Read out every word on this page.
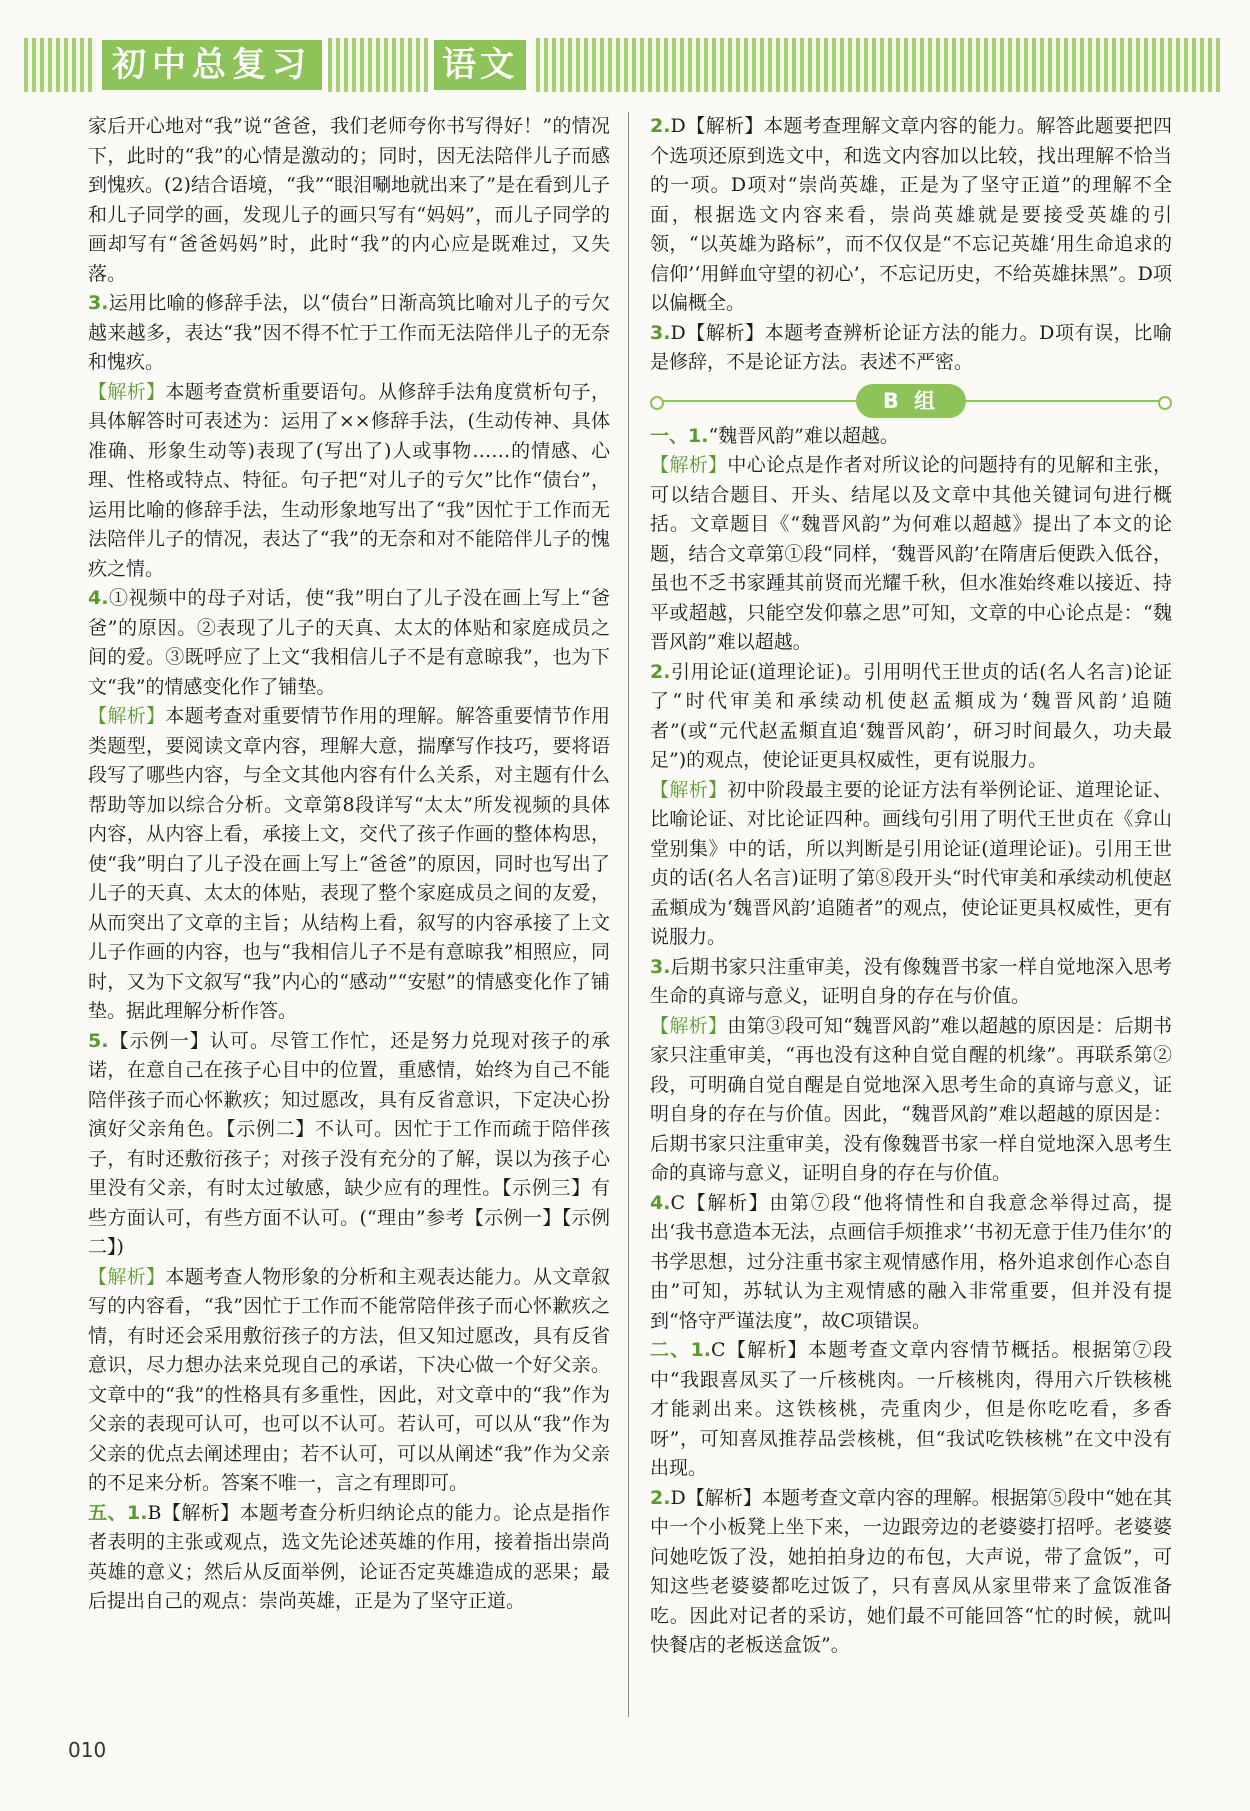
初中总复习	语文

家后开心地对“我”说“爸爸，我们老师夸你书写得好！”的情况下，此时的“我”的心情是激动的；同时，因无法陪伴儿子而感到愧疚。(2)结合语境，“我”“眼泪唰地就出来了”是在看到儿子和儿子同学的画，发现儿子的画只写有“妈妈”，而儿子同学的画却写有“爸爸妈妈”时，此时“我”的内心应是既难过，又失落。

3.运用比喻的修辞手法，以“债台”日渐高筑比喻对儿子的亏欠越来越多，表达“我”因不得不忙于工作而无法陪伴儿子的无奈和愧疚。

【解析】本题考查赏析重要语句。从修辞手法角度赏析句子，具体解答时可表述为：运用了××修辞手法，(生动传神、具体准确、形象生动等)表现了(写出了)人或事物……的情感、心理、性格或特点、特征。句子把“对儿子的亏欠”比作“债台”，运用比喻的修辞手法，生动形象地写出了“我”因忙于工作而无法陪伴儿子的情况，表达了“我”的无奈和对不能陪伴儿子的愧疚之情。

4.①视频中的母子对话，使“我”明白了儿子没在画上写上“爸爸”的原因。②表现了儿子的天真、太太的体贴和家庭成员之间的爱。③既呼应了上文“我相信儿子不是有意晾我”，也为下文“我”的情感变化作了铺垫。

【解析】本题考查对重要情节作用的理解。解答重要情节作用类题型，要阅读文章内容，理解大意，揣摩写作技巧，要将语段写了哪些内容，与全文其他内容有什么关系，对主题有什么帮助等加以综合分析。文章第8段详写“太太”所发视频的具体内容，从内容上看，承接上文，交代了孩子作画的整体构思，使“我”明白了儿子没在画上写上“爸爸”的原因，同时也写出了儿子的天真、太太的体贴，表现了整个家庭成员之间的友爱，从而突出了文章的主旨；从结构上看，叙写的内容承接了上文儿子作画的内容，也与“我相信儿子不是有意晾我”相照应，同时，又为下文叙写“我”内心的“感动”“安慰”的情感变化作了铺垫。据此理解分析作答。

5.【示例一】认可。尽管工作忙，还是努力兑现对孩子的承诺，在意自己在孩子心目中的位置，重感情，始终为自己不能陪伴孩子而心怀歉疚；知过愿改，具有反省意识，下定决心扮演好父亲角色。【示例二】不认可。因忙于工作而疏于陪伴孩子，有时还敷衍孩子；对孩子没有充分的了解，误以为孩子心里没有父亲，有时太过敏感，缺少应有的理性。【示例三】有些方面认可，有些方面不认可。(“理由”参考【示例一】【示例二】)

【解析】本题考查人物形象的分析和主观表达能力。从文章叙写的内容看，“我”因忙于工作而不能常陪伴孩子而心怀歉疚之情，有时还会采用敷衍孩子的方法，但又知过愿改，具有反省意识，尽力想办法来兑现自己的承诺，下决心做一个好父亲。文章中的“我”的性格具有多重性，因此，对文章中的“我”作为父亲的表现可认可，也可以不认可。若认可，可以从“我”作为父亲的优点去阐述理由；若不认可，可以从阐述“我”作为父亲的不足来分析。答案不唯一，言之有理即可。

五、1.B【解析】本题考查分析归纳论点的能力。论点是指作者表明的主张或观点，选文先论述英雄的作用，接着指出崇尚英雄的意义；然后从反面举例，论证否定英雄造成的恶果；最后提出自己的观点：崇尚英雄，正是为了坚守正道。

2.D【解析】本题考查理解文章内容的能力。解答此题要把四个选项还原到选文中，和选文内容加以比较，找出理解不恰当的一项。D项对“崇尚英雄，正是为了坚守正道”的理解不全面，根据选文内容来看，崇尚英雄就是要接受英雄的引领，“以英雄为路标”，而不仅仅是“不忘记英雄‘用生命追求的信仰’‘用鲜血守望的初心’，不忘记历史，不给英雄抹黑”。D项以偏概全。

3.D【解析】本题考查辨析论证方法的能力。D项有误，比喻是修辞，不是论证方法。表述不严密。

B 组

一、1.“魏晋风韵”难以超越。

【解析】中心论点是作者对所议论的问题持有的见解和主张，可以结合题目、开头、结尾以及文章中其他关键词句进行概括。文章题目《“魏晋风韵”为何难以超越》提出了本文的论题，结合文章第①段“同样，‘魏晋风韵’在隋唐后便跌入低谷，虽也不乏书家踵其前贤而光耀千秋，但水准始终难以接近、持平或超越，只能空发仰慕之思”可知，文章的中心论点是：“魏晋风韵”难以超越。

2.引用论证(道理论证)。引用明代王世贞的话(名人名言)论证了“时代审美和承续动机使赵孟頫成为‘魏晋风韵’追随者”(或“元代赵孟頫直追‘魏晋风韵’，研习时间最久，功夫最足”)的观点，使论证更具权威性，更有说服力。

【解析】初中阶段最主要的论证方法有举例论证、道理论证、比喻论证、对比论证四种。画线句引用了明代王世贞在《弇山堂别集》中的话，所以判断是引用论证(道理论证)。引用王世贞的话(名人名言)证明了第⑧段开头“时代审美和承续动机使赵孟頫成为‘魏晋风韵’追随者”的观点，使论证更具权威性，更有说服力。

3.后期书家只注重审美，没有像魏晋书家一样自觉地深入思考生命的真谛与意义，证明自身的存在与价值。

【解析】由第③段可知“魏晋风韵”难以超越的原因是：后期书家只注重审美，“再也没有这种自觉自醒的机缘”。再联系第②段，可明确自觉自醒是自觉地深入思考生命的真谛与意义，证明自身的存在与价值。因此，“魏晋风韵”难以超越的原因是：后期书家只注重审美，没有像魏晋书家一样自觉地深入思考生命的真谛与意义，证明自身的存在与价值。

4.C【解析】由第⑦段“他将情性和自我意念举得过高，提出‘我书意造本无法，点画信手烦推求’‘书初无意于佳乃佳尔’的书学思想，过分注重书家主观情感作用，格外追求创作心态自由”可知，苏轼认为主观情感的融入非常重要，但并没有提到“恪守严谨法度”，故C项错误。

二、1.C【解析】本题考查文章内容情节概括。根据第⑦段中“我跟喜凤买了一斤核桃肉。一斤核桃肉，得用六斤铁核桃才能剥出来。这铁核桃，壳重肉少，但是你吃吃看，多香呀”，可知喜凤推荐品尝核桃，但“我试吃铁核桃”在文中没有出现。

2.D【解析】本题考查文章内容的理解。根据第⑤段中“她在其中一个小板凳上坐下来，一边跟旁边的老婆婆打招呼。老婆婆问她吃饭了没，她拍拍身边的布包，大声说，带了盒饭”，可知这些老婆婆都吃过饭了，只有喜凤从家里带来了盒饭准备吃。因此对记者的采访，她们最不可能回答“忙的时候，就叫快餐店的老板送盒饭”。

010
